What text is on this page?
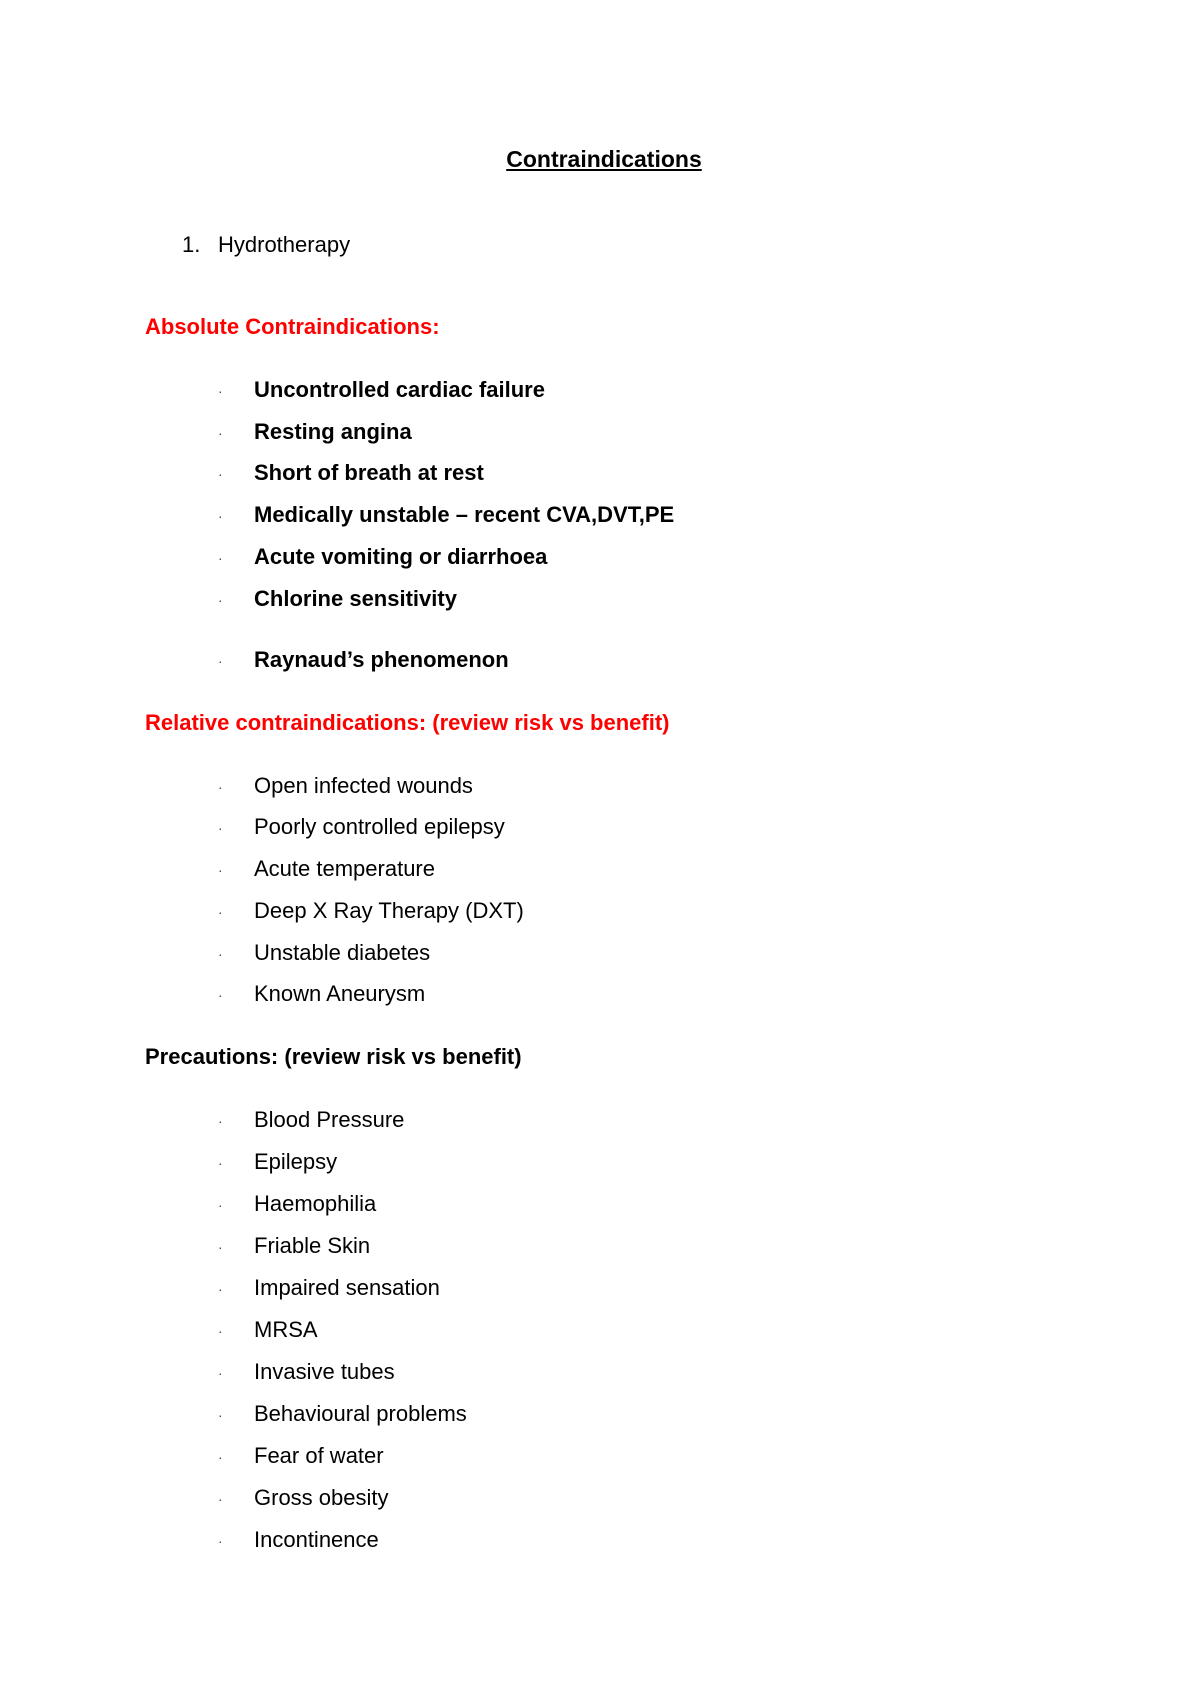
Contraindications
1. Hydrotherapy
Absolute Contraindications:
· Uncontrolled cardiac failure
· Resting angina
· Short of breath at rest
· Medically unstable – recent CVA,DVT,PE
· Acute vomiting or diarrhoea
· Chlorine sensitivity
· Raynaud’s phenomenon
Relative contraindications: (review risk vs benefit)
· Open infected wounds
· Poorly controlled epilepsy
· Acute temperature
· Deep X Ray Therapy (DXT)
· Unstable diabetes
· Known Aneurysm
Precautions: (review risk vs benefit)
· Blood Pressure
· Epilepsy
· Haemophilia
· Friable Skin
· Impaired sensation
· MRSA
· Invasive tubes
· Behavioural problems
· Fear of water
· Gross obesity
· Incontinence
